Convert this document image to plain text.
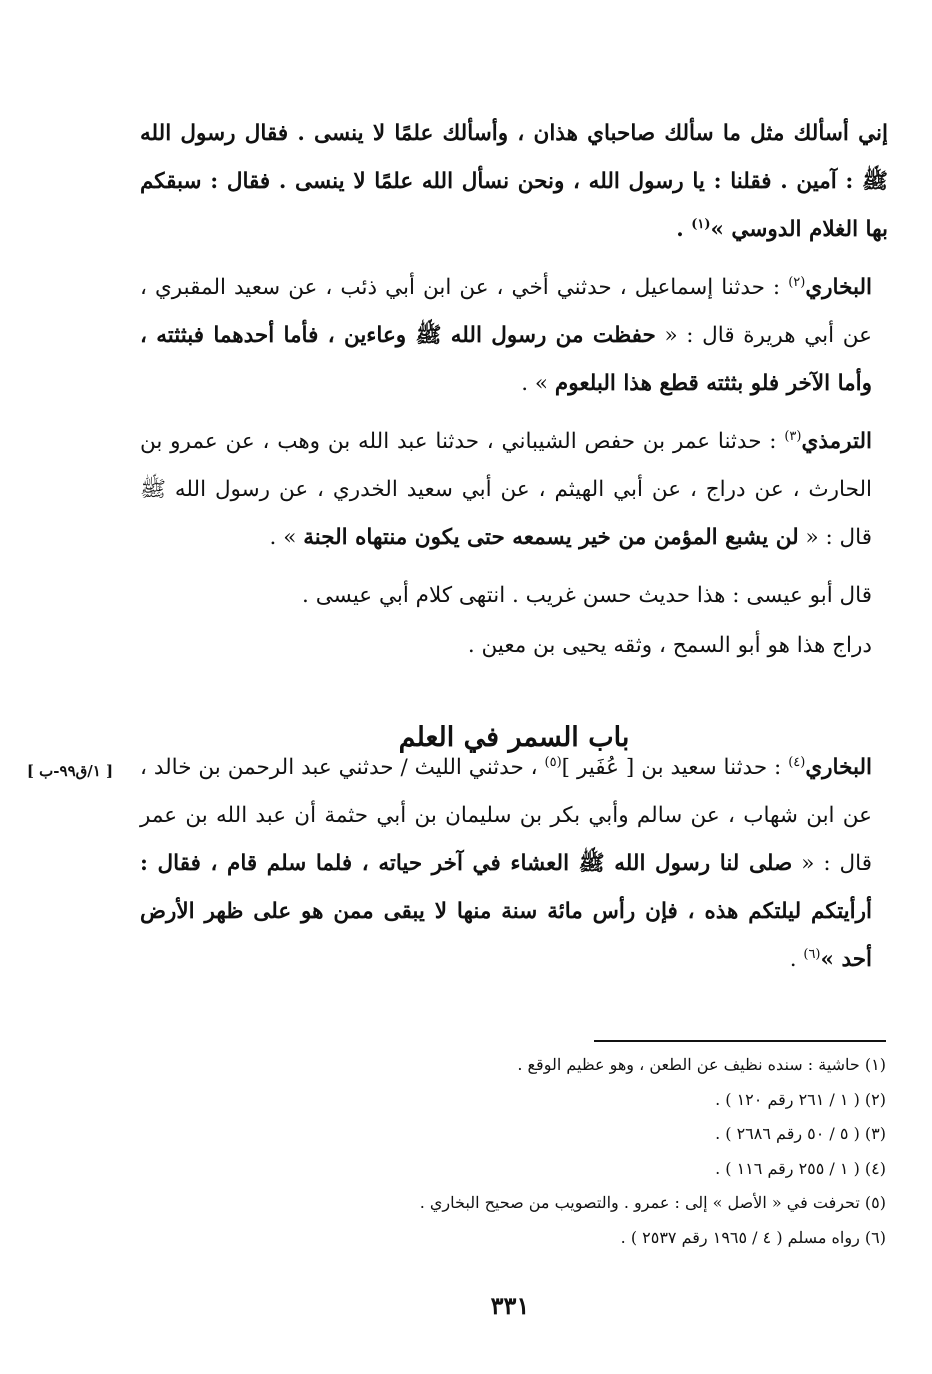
إني أسألك مثل ما سألك صاحباي هذان ، وأسألك علمًا لا ينسى . فقال رسول الله ﷺ : آمين . فقلنا : يا رسول الله ، ونحن نسأل الله علمًا لا ينسى . فقال : سبقكم بها الغلام الدوسي »$^{(١)}$ .

البخاري$^{(٢)}$ : حدثنا إسماعيل ، حدثني أخي ، عن ابن أبي ذئب ، عن سعيد المقبري ، عن أبي هريرة قال : « حفظت من رسول الله ﷺ وعاءين ، فأما أحدهما فبثثته ، وأما الآخر فلو بثثته قطع هذا البلعوم » .

الترمذي$^{(٣)}$ : حدثنا عمر بن حفص الشيباني ، حدثنا عبد الله بن وهب ، عن عمرو بن الحارث ، عن دراج ، عن أبي الهيثم ، عن أبي سعيد الخدري ، عن رسول الله ﷺ قال : « لن يشبع المؤمن من خير يسمعه حتى يكون منتهاه الجنة » .

قال أبو عيسى : هذا حديث حسن غريب . انتهى كلام أبي عيسى .

دراج هذا هو أبو السمح ، وثقه يحيى بن معين .

باب السمر في العلم
[ ١/ق٩٩-ب ]	البخاري$^{(٤)}$ : حدثنا سعيد بن [ عُفَير ]$^{(٥)}$ ، حدثني الليث / حدثني عبد الرحمن بن خالد ، عن ابن شهاب ، عن سالم وأبي بكر بن سليمان بن أبي حثمة أن عبد الله بن عمر قال : « صلى لنا رسول الله ﷺ العشاء في آخر حياته ، فلما سلم قام ، فقال : أرأيتكم ليلتكم هذه ، فإن رأس مائة سنة منها لا يبقى ممن هو على ظهر الأرض أحد »$^{(٦)}$ .

(١) حاشية : سنده نظيف عن الطعن ، وهو عظيم الوقع .

(٢) ( ١ / ٢٦١ رقم ١٢٠ ) .

(٣) ( ٥ / ٥٠ رقم ٢٦٨٦ ) .

(٤) ( ١ / ٢٥٥ رقم ١١٦ ) .

(٥) تحرفت في « الأصل » إلى : عمرو . والتصويب من صحيح البخاري .

(٦) رواه مسلم ( ٤ / ١٩٦٥ رقم ٢٥٣٧ ) .

٣٣١
